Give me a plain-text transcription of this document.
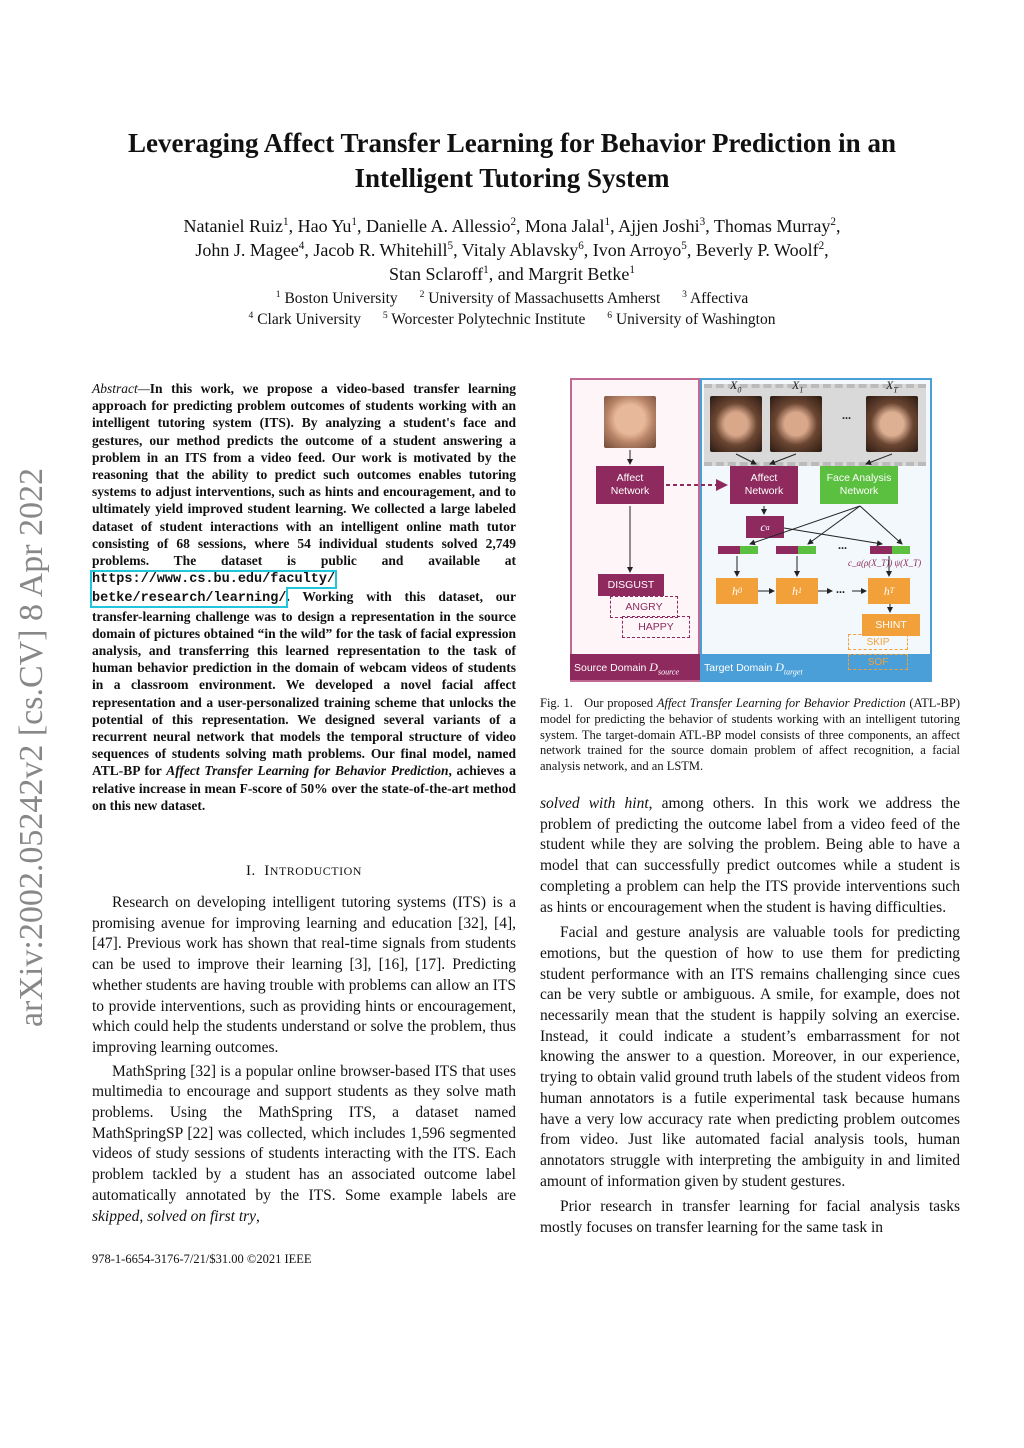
arXiv:2002.05242v2 [cs.CV] 8 Apr 2022
Leveraging Affect Transfer Learning for Behavior Prediction in an
Intelligent Tutoring System
Nataniel Ruiz$^1$, Hao Yu$^1$, Danielle A. Allessio$^2$, Mona Jalal$^1$, Ajjen Joshi$^3$, Thomas Murray$^2$,
John J. Magee$^4$, Jacob R. Whitehill$^5$, Vitaly Ablavsky$^6$, Ivon Arroyo$^5$, Beverly P. Woolf$^2$,
Stan Sclaroff$^1$, and Margrit Betke$^1$
$^1$ Boston University $^2$ University of Massachusetts Amherst $^3$ Affectiva
$^4$ Clark University $^5$ Worcester Polytechnic Institute $^6$ University of Washington
Abstract—In this work, we propose a video-based transfer learning approach for predicting problem outcomes of students working with an intelligent tutoring system (ITS). By analyzing a student's face and gestures, our method predicts the outcome of a student answering a problem in an ITS from a video feed. Our work is motivated by the reasoning that the ability to predict such outcomes enables tutoring systems to adjust interventions, such as hints and encouragement, and to ultimately yield improved student learning. We collected a large labeled dataset of student interactions with an intelligent online math tutor consisting of 68 sessions, where 54 individual students solved 2,749 problems. The dataset is public and available at https://www.cs.bu.edu/faculty/
betke/research/learning/. Working with this dataset, our transfer-learning challenge was to design a representation in the source domain of pictures obtained “in the wild” for the task of facial expression analysis, and transferring this learned representation to the task of human behavior prediction in the domain of webcam videos of students in a classroom environment. We developed a novel facial affect representation and a user-personalized training scheme that unlocks the potential of this representation. We designed several variants of a recurrent neural network that models the temporal structure of video sequences of students solving math problems. Our final model, named ATL-BP for Affect Transfer Learning for Behavior Prediction, achieves a relative increase in mean F-score of 50% over the state-of-the-art method on this new dataset.
I. INTRODUCTION

Research on developing intelligent tutoring systems (ITS) is a promising avenue for improving learning and education [32], [4], [47]. Previous work has shown that real-time signals from students can be used to improve their learning [3], [16], [17]. Predicting whether students are having trouble with problems can allow an ITS to provide interventions, such as providing hints or encouragement, which could help the students understand or solve the problem, thus improving learning outcomes.

MathSpring [32] is a popular online browser-based ITS that uses multimedia to encourage and support students as they solve math problems. Using the MathSpring ITS, a dataset named MathSpringSP [22] was collected, which includes 1,596 segmented videos of study sessions of students interacting with the ITS. Each problem tackled by a student has an associated outcome label automatically annotated by the ITS. Some example labels are skipped, solved on first try,

978-1-6654-3176-7/21/$31.00 ©2021 IEEE
Source Domain $D_{source}$ Target Domain $D_{target}$
$X_0$	$X_1$	$X_T$
...
Affect Network
Affect Network
Face Analysis Network
c a
...
c_a(ρ(X_T)) ψ(X_T)
h 0	h 1	...	h T
DISGUST
ANGRY
HAPPY	SHINT
SKIP
SOF
Fig. 1. Our proposed Affect Transfer Learning for Behavior Prediction (ATL-BP) model for predicting the behavior of students working with an intelligent tutoring system. The target-domain ATL-BP model consists of three components, an affect network trained for the source domain problem of affect recognition, a facial analysis network, and an LSTM.

solved with hint, among others. In this work we address the problem of predicting the outcome label from a video feed of the student while they are solving the problem. Being able to have a model that can successfully predict outcomes while a student is completing a problem can help the ITS provide interventions such as hints or encouragement when the student is having difficulties.

Facial and gesture analysis are valuable tools for predicting emotions, but the question of how to use them for predicting student performance with an ITS remains challenging since cues can be very subtle or ambiguous. A smile, for example, does not necessarily mean that the student is happily solving an exercise. Instead, it could indicate a student’s embarrassment for not knowing the answer to a question. Moreover, in our experience, trying to obtain valid ground truth labels of the student videos from human annotators is a futile experimental task because humans have a very low accuracy rate when predicting problem outcomes from video. Just like automated facial analysis tools, human annotators struggle with interpreting the ambiguity in and limited amount of information given by student gestures.

Prior research in transfer learning for facial analysis tasks mostly focuses on transfer learning for the same task in
